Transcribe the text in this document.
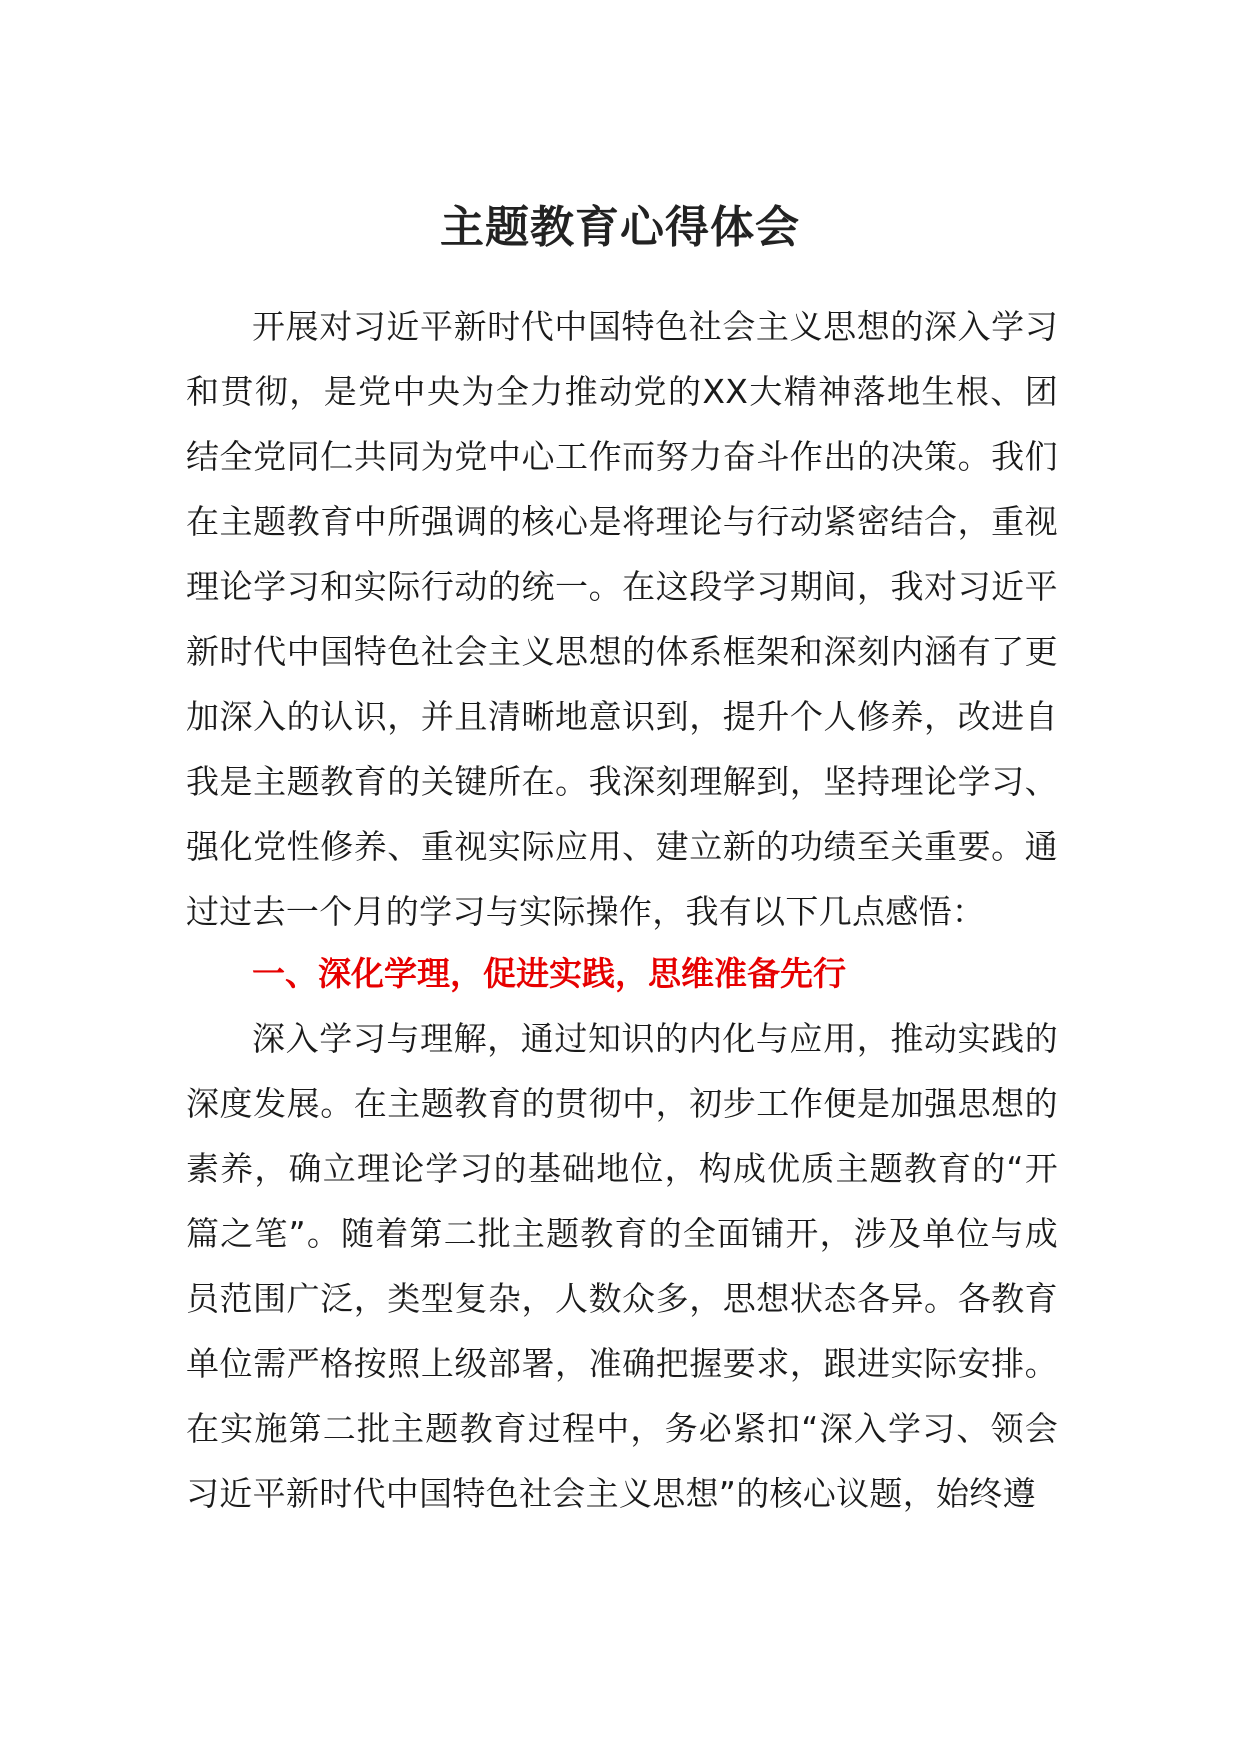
主题教育心得体会

开展对习近平新时代中国特色社会主义思想的深入学习和贯彻，是党中央为全力推动党的XX大精神落地生根、团结全党同仁共同为党中心工作而努力奋斗作出的决策。我们在主题教育中所强调的核心是将理论与行动紧密结合，重视理论学习和实际行动的统一。在这段学习期间，我对习近平新时代中国特色社会主义思想的体系框架和深刻内涵有了更加深入的认识，并且清晰地意识到，提升个人修养，改进自我是主题教育的关键所在。我深刻理解到，坚持理论学习、强化党性修养、重视实际应用、建立新的功绩至关重要。通过过去一个月的学习与实际操作，我有以下几点感悟：

一、深化学理，促进实践，思维准备先行

深入学习与理解，通过知识的内化与应用，推动实践的深度发展。在主题教育的贯彻中，初步工作便是加强思想的素养，确立理论学习的基础地位，构成优质主题教育的“开篇之笔”。随着第二批主题教育的全面铺开，涉及单位与成员范围广泛，类型复杂，人数众多，思想状态各异。各教育单位需严格按照上级部署，准确把握要求，跟进实际安排。在实施第二批主题教育过程中，务必紧扣“深入学习、领会习近平新时代中国特色社会主义思想”的核心议题，始终遵
